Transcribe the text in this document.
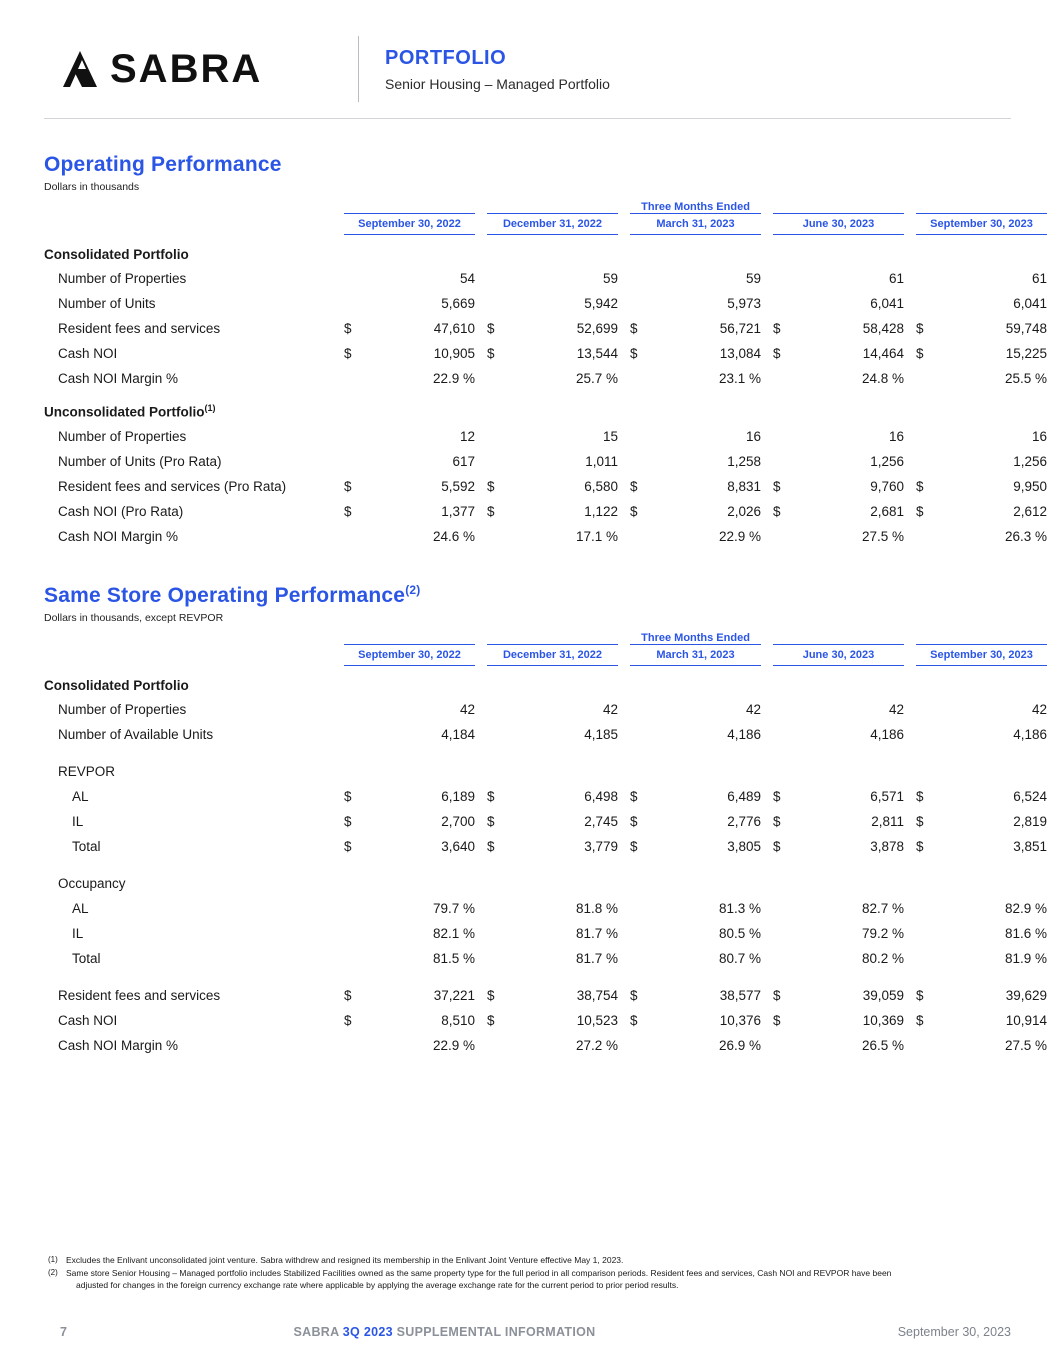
SABRA	PORTFOLIO
Senior Housing – Managed Portfolio
Operating Performance
Dollars in thousands
	Three Months Ended													
	September 30, 2022			December 31, 2022			March 31, 2023			June 30, 2023			September 30, 2023	
Consolidated Portfolio														
Number of Properties		54			59			59			61			61
Number of Units		5,669			5,942			5,973			6,041			6,041
Resident fees and services	$	47,610		$	52,699		$	56,721		$	58,428		$	59,748
Cash NOI	$	10,905		$	13,544		$	13,084		$	14,464		$	15,225
Cash NOI Margin %		22.9 %			25.7 %			23.1 %			24.8 %			25.5 %
Unconsolidated Portfolio$^{(1)}$
Number of Properties		12			15			16			16			16
Number of Units (Pro Rata)		617			1,011			1,258			1,256			1,256
Resident fees and services (Pro Rata)	$	5,592		$	6,580		$	8,831		$	9,760		$	9,950
Cash NOI (Pro Rata)	$	1,377		$	1,122		$	2,026		$	2,681		$	2,612
Cash NOI Margin %		24.6 %			17.1 %			22.9 %			27.5 %			26.3 %
Same Store Operating Performance$^{(2)}$
Dollars in thousands, except REVPOR
	Three Months Ended													
	September 30, 2022			December 31, 2022			March 31, 2023			June 30, 2023			September 30, 2023	
Consolidated Portfolio														
Number of Properties		42			42			42			42			42
Number of Available Units		4,184			4,185			4,186			4,186			4,186

REVPOR														
AL	$	6,189		$	6,498		$	6,489		$	6,571		$	6,524
IL	$	2,700		$	2,745		$	2,776		$	2,811		$	2,819
Total	$	3,640		$	3,779		$	3,805		$	3,878		$	3,851

Occupancy														
AL		79.7 %			81.8 %			81.3 %			82.7 %			82.9 %
IL		82.1 %			81.7 %			80.5 %			79.2 %			81.6 %
Total		81.5 %			81.7 %			80.7 %			80.2 %			81.9 %

Resident fees and services	$	37,221		$	38,754		$	38,577		$	39,059		$	39,629
Cash NOI	$	8,510		$	10,523		$	10,376		$	10,369		$	10,914
Cash NOI Margin %		22.9 %			27.2 %			26.9 %			26.5 %			27.5 %
(1) Excludes the Enlivant unconsolidated joint venture. Sabra withdrew and resigned its membership in the Enlivant Joint Venture effective May 1, 2023.
(2) Same store Senior Housing – Managed portfolio includes Stabilized Facilities owned as the same property type for the full period in all comparison periods. Resident fees and services, Cash NOI and REVPOR have been
adjusted for changes in the foreign currency exchange rate where applicable by applying the average exchange rate for the current period to prior period results.
7	SABRA 3Q 2023 SUPPLEMENTAL INFORMATION	September 30, 2023
